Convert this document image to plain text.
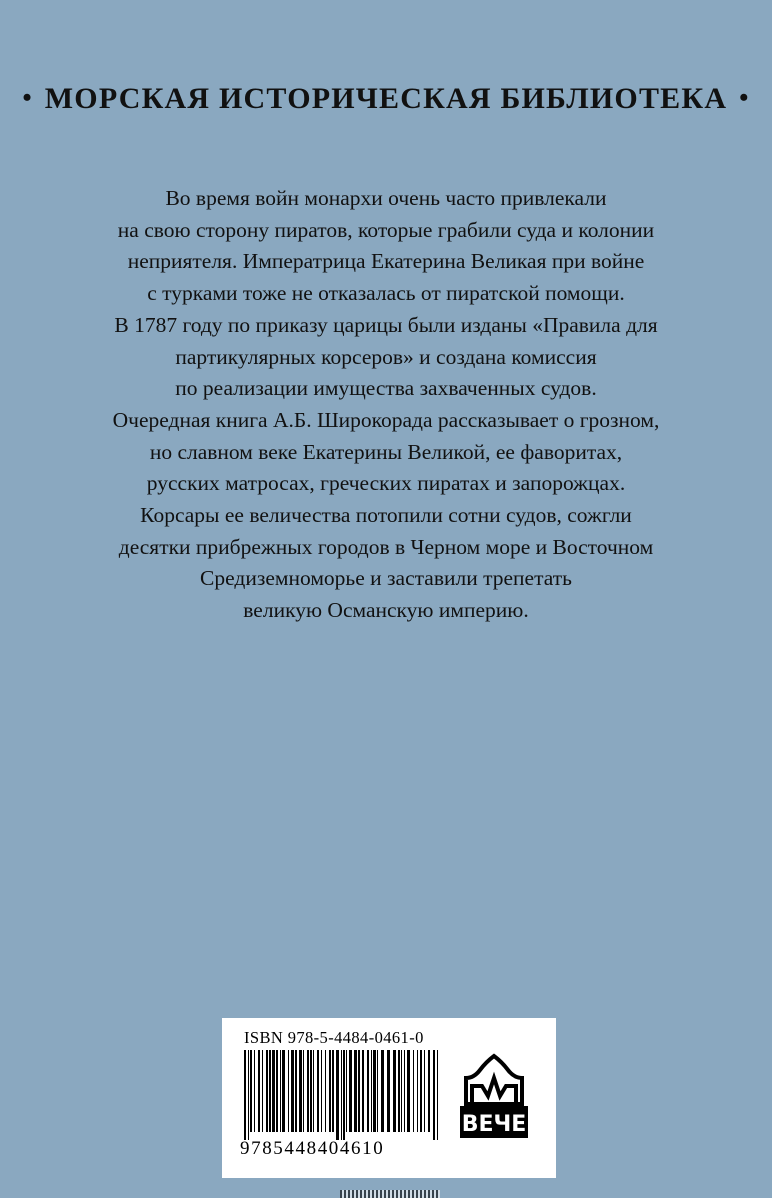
• МОРСКАЯ ИСТОРИЧЕСКАЯ БИБЛИОТЕКА •
Во время войн монархи очень часто привлекали
на свою сторону пиратов, которые грабили суда и колонии
неприятеля. Императрица Екатерина Великая при войне
с турками тоже не отказалась от пиратской помощи.
В 1787 году по приказу царицы были изданы «Правила для
партикулярных корсеров» и создана комиссия
по реализации имущества захваченных судов.
Очередная книга А.Б. Широкорада рассказывает о грозном,
но славном веке Екатерины Великой, ее фаворитах,
русских матросах, греческих пиратах и запорожцах.
Корсары ее величества потопили сотни судов, сожгли
десятки прибрежных городов в Черном море и Восточном
Средиземноморье и заставили трепетать
великую Османскую империю.
ISBN 978-5-4484-0461-0
9785448404610
ВЕЧЕ
